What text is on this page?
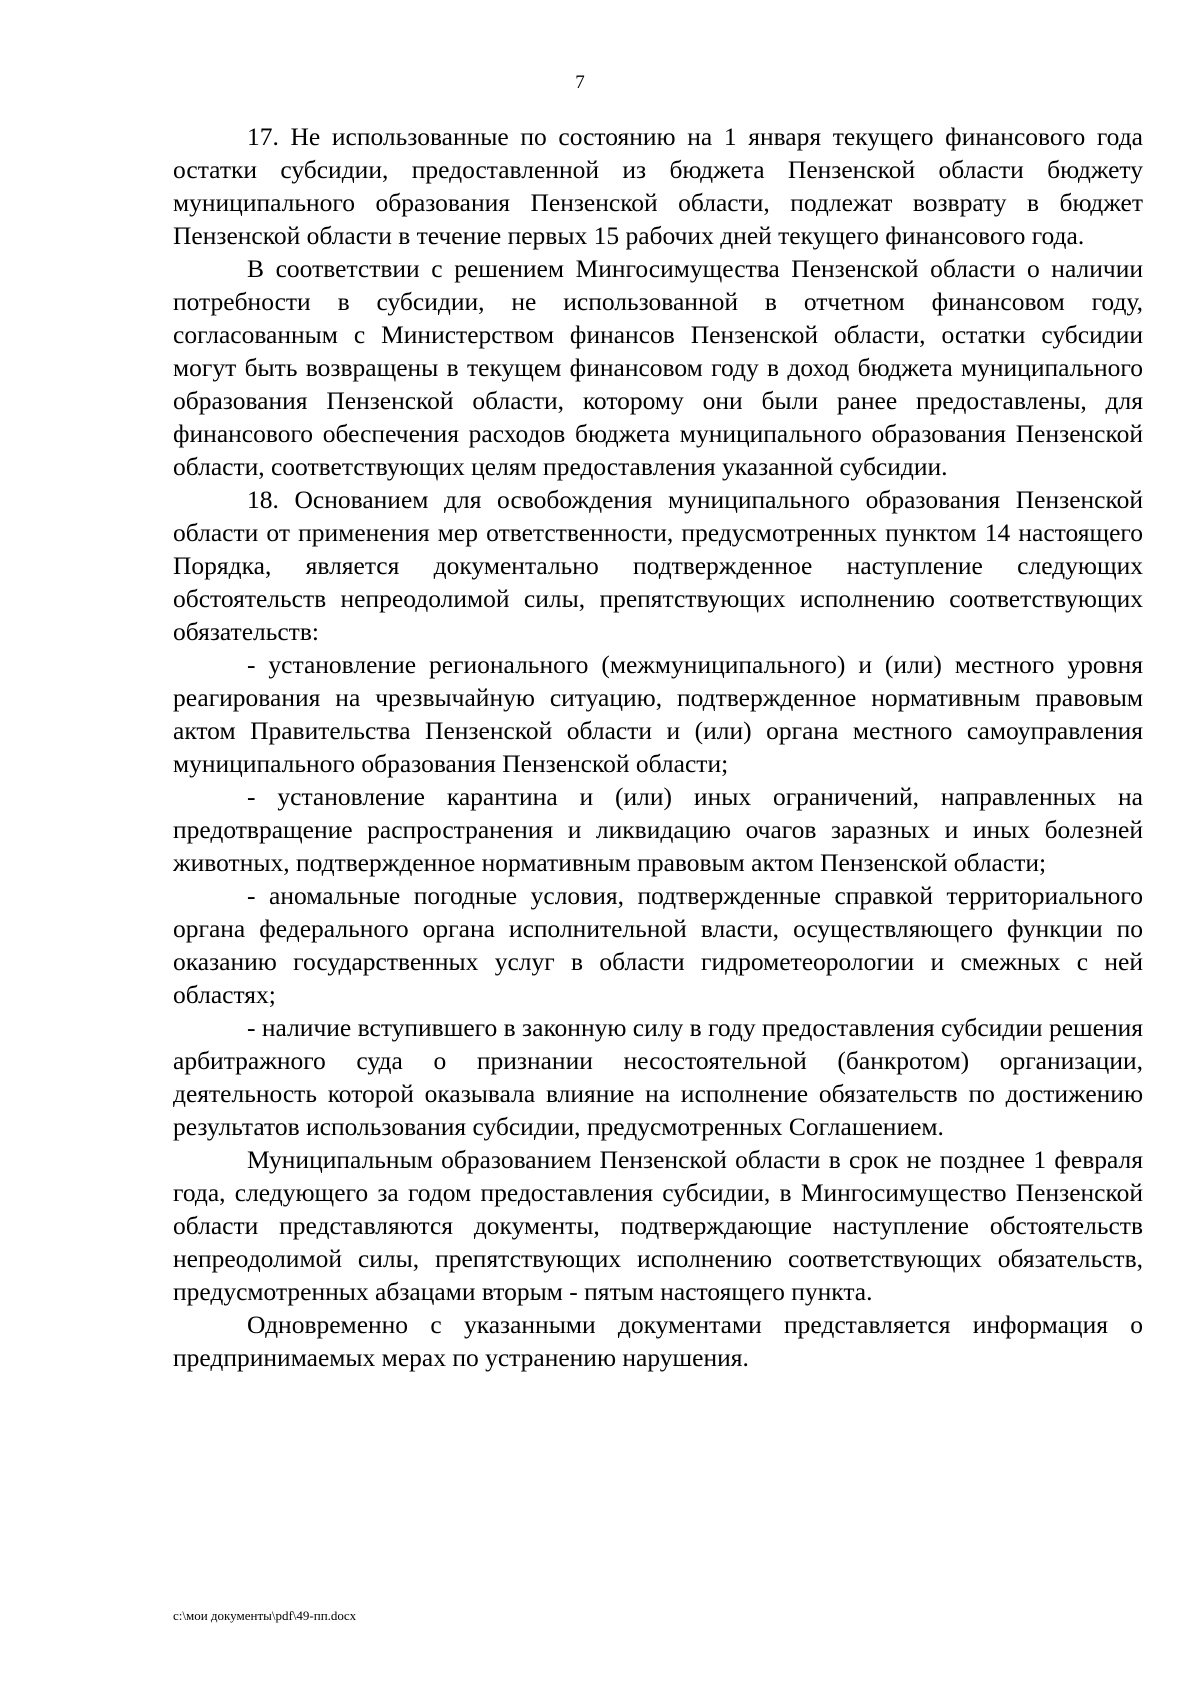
7

17. Не использованные по состоянию на 1 января текущего финансового года остатки субсидии, предоставленной из бюджета Пензенской области бюджету муниципального образования Пензенской области, подлежат возврату в бюджет Пензенской области в течение первых 15 рабочих дней текущего финансового года.

В соответствии с решением Мингосимущества Пензенской области о наличии потребности в субсидии, не использованной в отчетном финансовом году, согласованным с Министерством финансов Пензенской области, остатки субсидии могут быть возвращены в текущем финансовом году в доход бюджета муниципального образования Пензенской области, которому они были ранее предоставлены, для финансового обеспечения расходов бюджета муниципального образования Пензенской области, соответствующих целям предоставления указанной субсидии.

18. Основанием для освобождения муниципального образования Пензенской области от применения мер ответственности, предусмотренных пунктом 14 настоящего Порядка, является документально подтвержденное наступление следующих обстоятельств непреодолимой силы, препятствующих исполнению соответствующих обязательств:

- установление регионального (межмуниципального) и (или) местного уровня реагирования на чрезвычайную ситуацию, подтвержденное нормативным правовым актом Правительства Пензенской области и (или) органа местного самоуправления муниципального образования Пензенской области;

- установление карантина и (или) иных ограничений, направленных на предотвращение распространения и ликвидацию очагов заразных и иных болезней животных, подтвержденное нормативным правовым актом Пензенской области;

- аномальные погодные условия, подтвержденные справкой территориального органа федерального органа исполнительной власти, осуществляющего функции по оказанию государственных услуг в области гидрометеорологии и смежных с ней областях;

- наличие вступившего в законную силу в году предоставления субсидии решения арбитражного суда о признании несостоятельной (банкротом) организации, деятельность которой оказывала влияние на исполнение обязательств по достижению результатов использования субсидии, предусмотренных Соглашением.

Муниципальным образованием Пензенской области в срок не позднее 1 февраля года, следующего за годом предоставления субсидии, в Мингосимущество Пензенской области представляются документы, подтверждающие наступление обстоятельств непреодолимой силы, препятствующих исполнению соответствующих обязательств, предусмотренных абзацами вторым - пятым настоящего пункта.

Одновременно с указанными документами представляется информация о предпринимаемых мерах по устранению нарушения.

c:\мои документы\pdf\49-пп.docx
